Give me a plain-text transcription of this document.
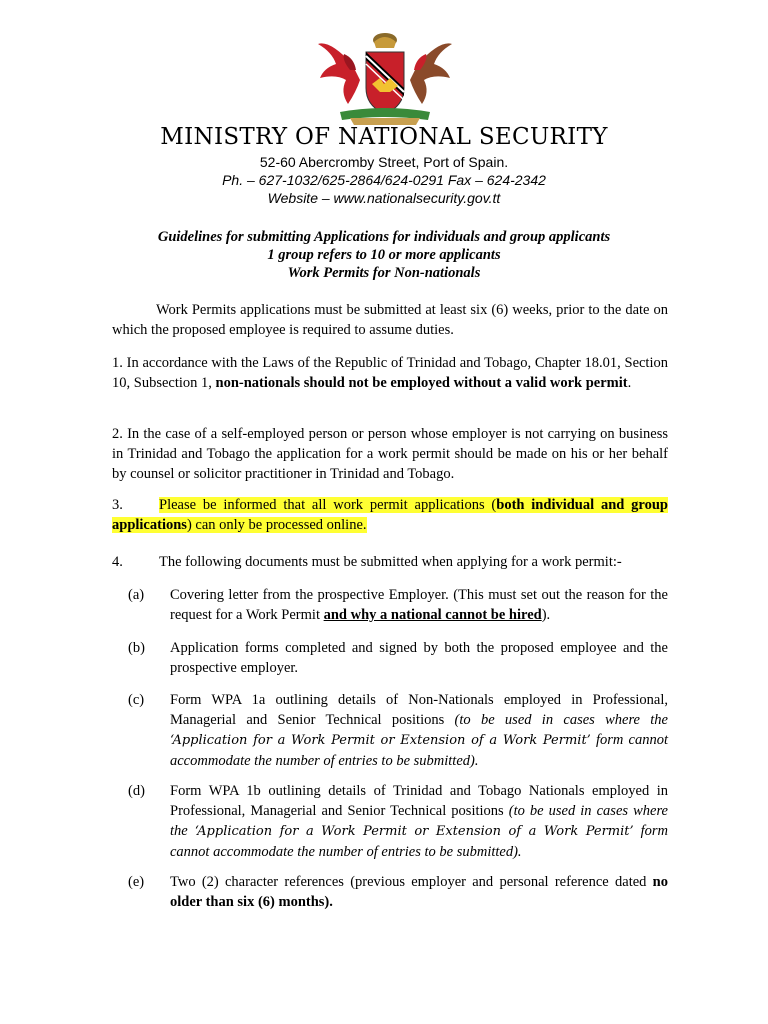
MINISTRY OF NATIONAL SECURITY
52-60 Abercromby Street, Port of Spain.
Ph. – 627-1032/625-2864/624-0291 Fax – 624-2342
Website – www.nationalsecurity.gov.tt
Guidelines for submitting Applications for individuals and group applicants
1 group refers to 10 or more applicants
Work Permits for Non-nationals
Work Permits applications must be submitted at least six (6) weeks, prior to the date on which the proposed employee is required to assume duties.
1. In accordance with the Laws of the Republic of Trinidad and Tobago, Chapter 18.01, Section 10, Subsection 1, non-nationals should not be employed without a valid work permit.
2. In the case of a self-employed person or person whose employer is not carrying on business in Trinidad and Tobago the application for a work permit should be made on his or her behalf by counsel or solicitor practitioner in Trinidad and Tobago.
3. Please be informed that all work permit applications (both individual and group applications) can only be processed online.
4. The following documents must be submitted when applying for a work permit:-
(a)	Covering letter from the prospective Employer. (This must set out the reason for the request for a Work Permit and why a national cannot be hired).
(b)	Application forms completed and signed by both the proposed employee and the prospective employer.
(c)	Form WPA 1a outlining details of Non-Nationals employed in Professional, Managerial and Senior Technical positions (to be used in cases where the ‘Application for a Work Permit or Extension of a Work Permit’ form cannot accommodate the number of entries to be submitted).
(d)	Form WPA 1b outlining details of Trinidad and Tobago Nationals employed in Professional, Managerial and Senior Technical positions (to be used in cases where the ‘Application for a Work Permit or Extension of a Work Permit’ form cannot accommodate the number of entries to be submitted).
(e)	Two (2) character references (previous employer and personal reference dated no older than six (6) months).
